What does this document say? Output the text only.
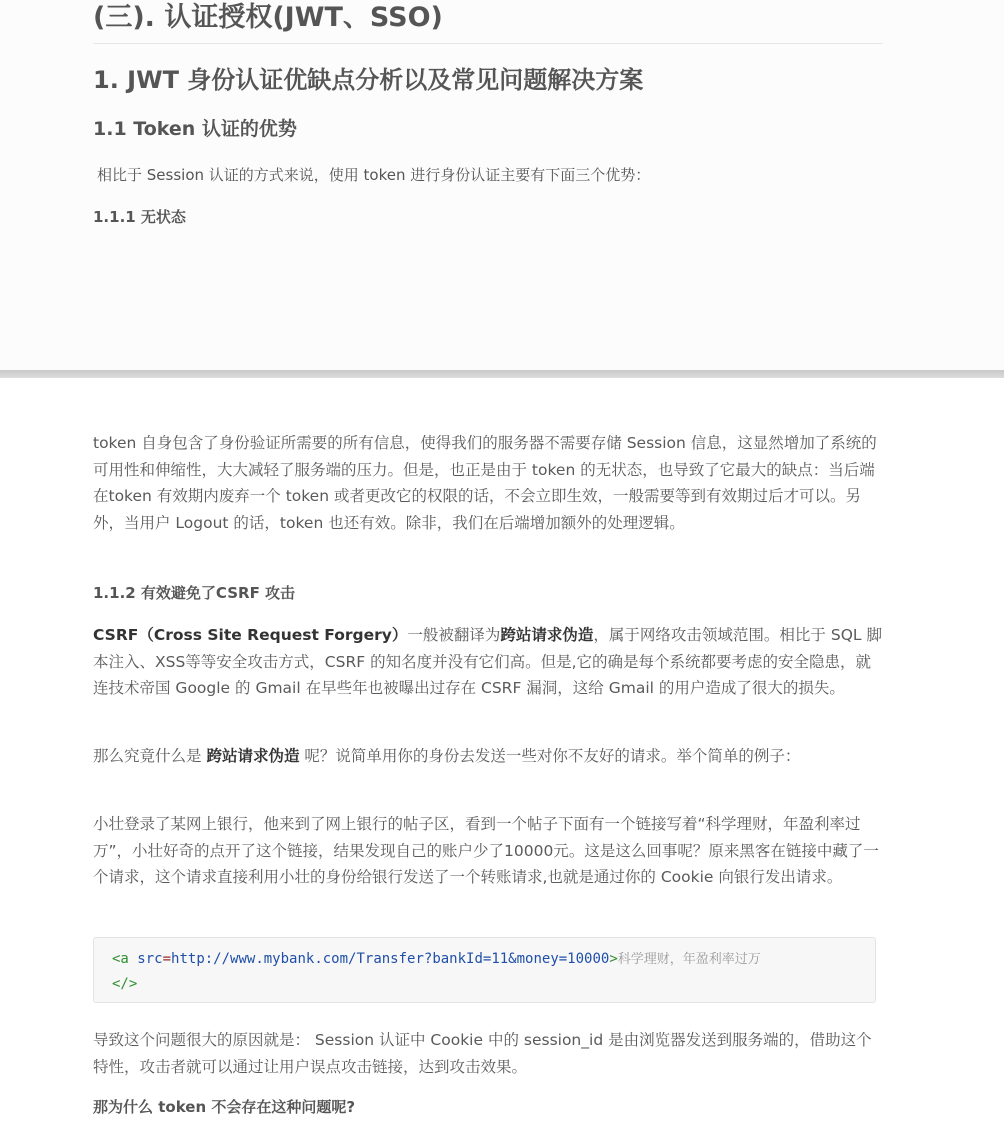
(三). 认证授权(JWT、SSO)
1. JWT 身份认证优缺点分析以及常见问题解决方案
1.1 Token 认证的优势
相比于 Session 认证的方式来说，使用 token 进行身份认证主要有下面三个优势：
1.1.1 无状态
token 自身包含了身份验证所需要的所有信息，使得我们的服务器不需要存储 Session 信息，这显然增加了系统的可用性和伸缩性，大大减轻了服务端的压力。但是，也正是由于 token 的无状态，也导致了它最大的缺点：当后端在token 有效期内废弃一个 token 或者更改它的权限的话，不会立即生效，一般需要等到有效期过后才可以。另外，当用户 Logout 的话，token 也还有效。除非，我们在后端增加额外的处理逻辑。
1.1.2 有效避免了CSRF 攻击
CSRF（Cross Site Request Forgery）一般被翻译为跨站请求伪造，属于网络攻击领域范围。相比于 SQL 脚本注入、XSS等等安全攻击方式，CSRF 的知名度并没有它们高。但是,它的确是每个系统都要考虑的安全隐患，就连技术帝国 Google 的 Gmail 在早些年也被曝出过存在 CSRF 漏洞，这给 Gmail 的用户造成了很大的损失。
那么究竟什么是 跨站请求伪造 呢？说简单用你的身份去发送一些对你不友好的请求。举个简单的例子：
小壮登录了某网上银行，他来到了网上银行的帖子区，看到一个帖子下面有一个链接写着“科学理财，年盈利率过万”，小壮好奇的点开了这个链接，结果发现自己的账户少了10000元。这是这么回事呢？原来黑客在链接中藏了一个请求，这个请求直接利用小壮的身份给银行发送了一个转账请求,也就是通过你的 Cookie 向银行发出请求。
<a src=http://www.mybank.com/Transfer?bankId=11&money=10000>科学理财，年盈利率过万
</>
导致这个问题很大的原因就是： Session 认证中 Cookie 中的 session_id 是由浏览器发送到服务端的，借助这个特性，攻击者就可以通过让用户误点攻击链接，达到攻击效果。
那为什么 token 不会存在这种问题呢?
